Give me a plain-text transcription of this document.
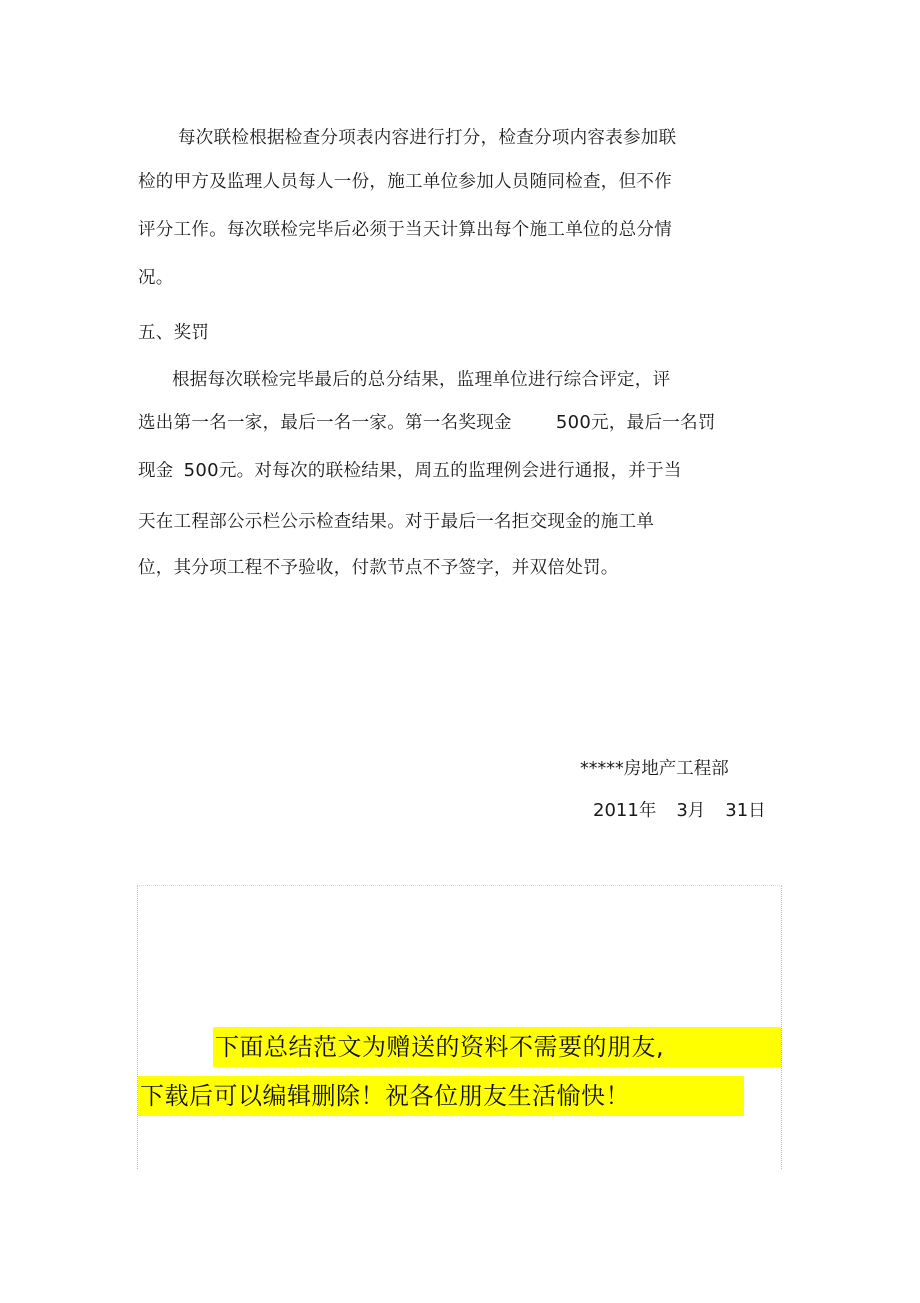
每次联检根据检查分项表内容进行打分，检查分项内容表参加联
检的甲方及监理人员每人一份，施工单位参加人员随同检查，但不作
评分工作。每次联检完毕后必须于当天计算出每个施工单位的总分情
况。
五、奖罚
根据每次联检完毕最后的总分结果，监理单位进行综合评定，评
选出第一名一家，最后一名一家。第一名奖现金 500元，最后一名罚
现金 500元。对每次的联检结果，周五的监理例会进行通报，并于当
天在工程部公示栏公示检查结果。对于最后一名拒交现金的施工单
位，其分项工程不予验收，付款节点不予签字，并双倍处罚。
*****房地产工程部
2011年 3月 31日
下面总结范文为赠送的资料不需要的朋友,
下载后可以编辑删除！祝各位朋友生活愉快！
